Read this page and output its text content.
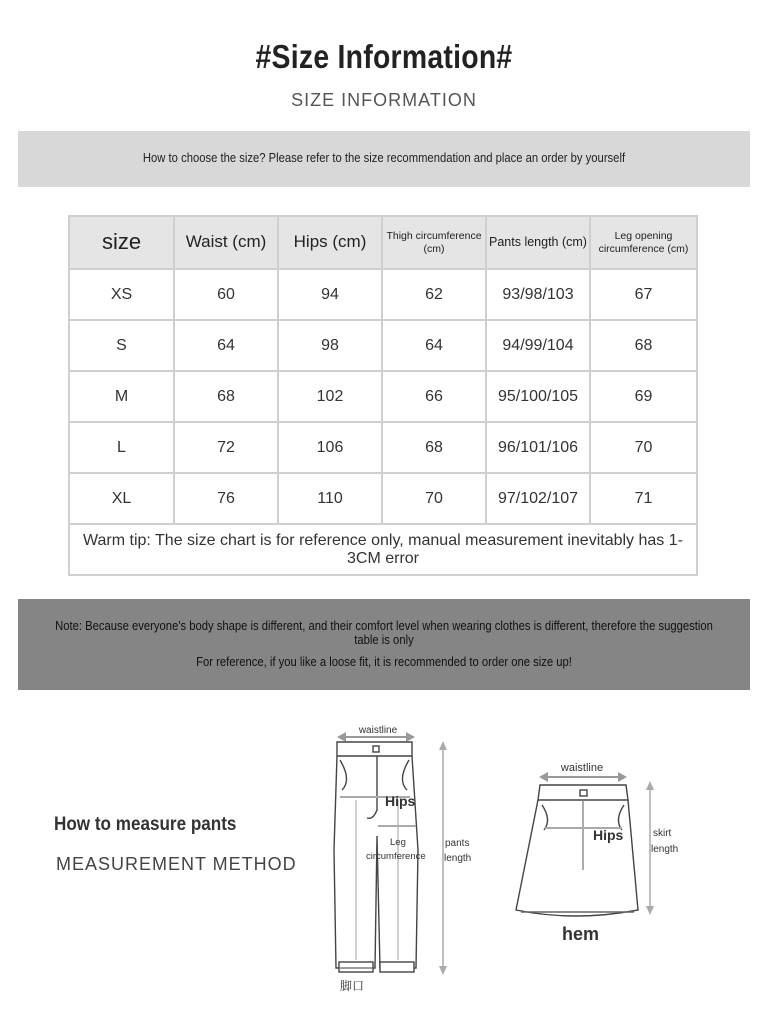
#Size Information#
SIZE INFORMATION
How to choose the size? Please refer to the size recommendation and place an order by yourself
size	Waist (cm)	Hips (cm)	Thigh circumference (cm)	Pants length (cm)	Leg opening circumference (cm)
XS	60	94	62	93/98/103	67
S	64	98	64	94/99/104	68
M	68	102	66	95/100/105	69
L	72	106	68	96/101/106	70
XL	76	110	70	97/102/107	71
Warm tip: The size chart is for reference only, manual measurement inevitably has 1-3CM error					
Note: Because everyone's body shape is different, and their comfort level when wearing clothes is different, therefore the suggestion table is only
For reference, if you like a loose fit, it is recommended to order one size up!
How to measure pants
MEASUREMENT METHOD
waistline
Hips
Leg
circumference
pants
length
脚口
waistline
Hips	skirt
length
hem
